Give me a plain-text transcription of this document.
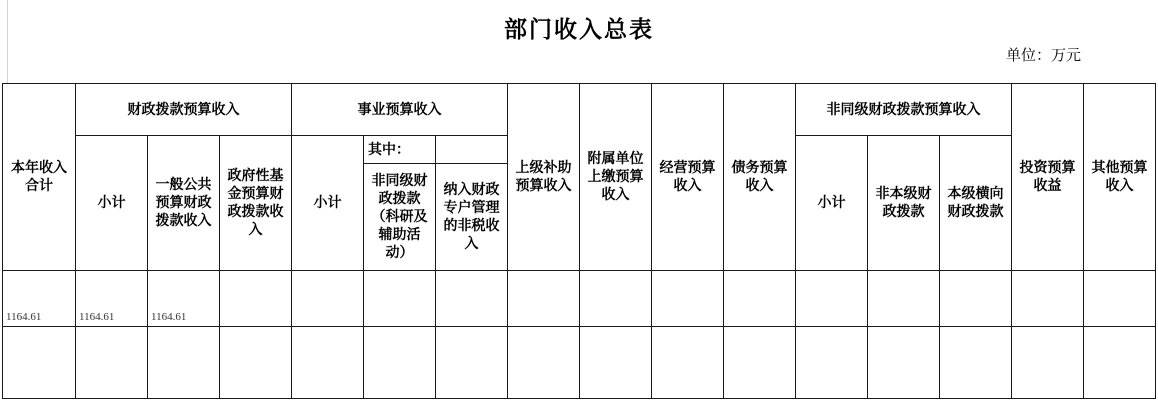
部门收入总表
单位：万元
本年收入合计
财政拨款预算收入
小计
一般公共预算财政拨款收入
政府性基金预算财政拨款收入
事业预算收入
小计
其中：
非同级财政拨款（科研及辅助活动）
纳入财政专户管理的非税收入
上级补助预算收入
附属单位上缴预算收入
经营预算收入
债务预算收入
非同级财政拨款预算收入
小计
非本级财政拨款
本级横向财政拨款
投资预算收益
其他预算收入
1164.61	1164.61	1164.61
